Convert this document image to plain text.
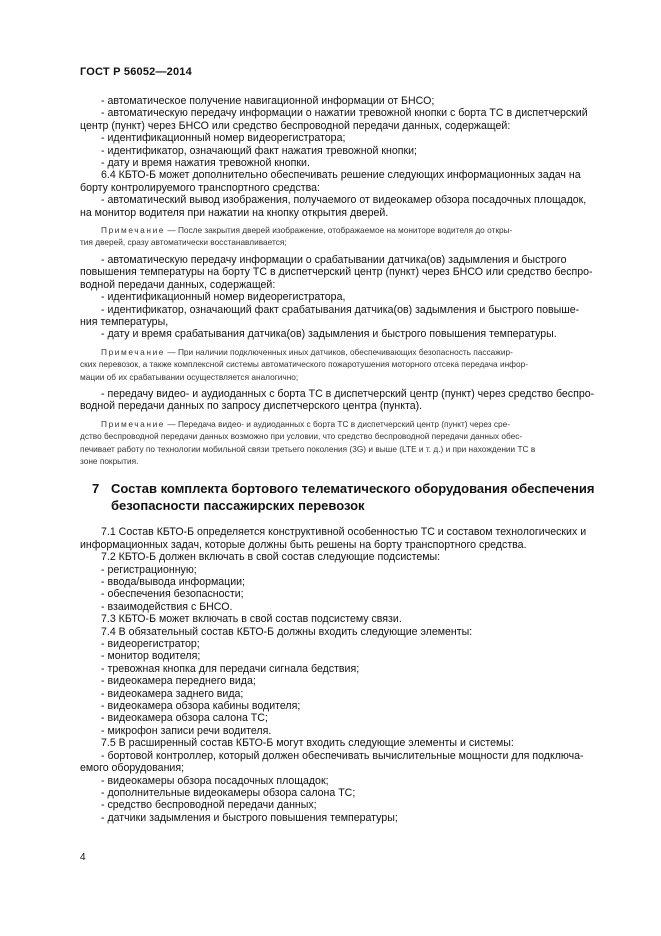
ГОСТ Р 56052—2014
- автоматическое получение навигационной информации от БНСО;
- автоматическую передачу информации о нажатии тревожной кнопки с борта ТС в диспетчерский
центр (пункт) через БНСО или средство беспроводной передачи данных, содержащей:
- идентификационный номер видеорегистратора;
- идентификатор, означающий факт нажатия тревожной кнопки;
- дату и время нажатия тревожной кнопки.
6.4 КБТО-Б может дополнительно обеспечивать решение следующих информационных задач на
борту контролируемого транспортного средства:
- автоматический вывод изображения, получаемого от видеокамер обзора посадочных площадок,
на монитор водителя при нажатии на кнопку открытия дверей.
Примечание — После закрытия дверей изображение, отображаемое на мониторе водителя до откры-
тия дверей, сразу автоматически восстанавливается;
- автоматическую передачу информации о срабатывании датчика(ов) задымления и быстрого
повышения температуры на борту ТС в диспетчерский центр (пункт) через БНСО или средство беспро-
водной передачи данных, содержащей:
- идентификационный номер видеорегистратора,
- идентификатор, означающий факт срабатывания датчика(ов) задымления и быстрого повыше-
ния температуры,
- дату и время срабатывания датчика(ов) задымления и быстрого повышения температуры.
Примечание — При наличии подключенных иных датчиков, обеспечивающих безопасность пассажир-
ских перевозок, а также комплексной системы автоматического пожаротушения моторного отсека передача инфор-
мации об их срабатывании осуществляется аналогично;
- передачу видео- и аудиоданных с борта ТС в диспетчерский центр (пункт) через средство беспро-
водной передачи данных по запросу диспетчерского центра (пункта).
Примечание — Передача видео- и аудиоданных с борта ТС в диспетчерский центр (пункт) через сре-
дство беспроводной передачи данных возможно при условии, что средство беспроводной передачи данных обес-
печивает работу по технологии мобильной связи третьего поколения (3G) и выше (LTE и т. д.) и при нахождении ТС в
зоне покрытия.
7 Состав комплекта бортового телематического оборудования обеспечения
безопасности пассажирских перевозок
7.1 Состав КБТО-Б определяется конструктивной особенностью ТС и составом технологических и
информационных задач, которые должны быть решены на борту транспортного средства.
7.2 КБТО-Б должен включать в свой состав следующие подсистемы:
- регистрационную;
- ввода/вывода информации;
- обеспечения безопасности;
- взаимодействия с БНСО.
7.3 КБТО-Б может включать в свой состав подсистему связи.
7.4 В обязательный состав КБТО-Б должны входить следующие элементы:
- видеорегистратор;
- монитор водителя;
- тревожная кнопка для передачи сигнала бедствия;
- видеокамера переднего вида;
- видеокамера заднего вида;
- видеокамера обзора кабины водителя;
- видеокамера обзора салона ТС;
- микрофон записи речи водителя.
7.5 В расширенный состав КБТО-Б могут входить следующие элементы и системы:
- бортовой контроллер, который должен обеспечивать вычислительные мощности для подключа-
емого оборудования;
- видеокамеры обзора посадочных площадок;
- дополнительные видеокамеры обзора салона ТС;
- средство беспроводной передачи данных;
- датчики задымления и быстрого повышения температуры;
4
